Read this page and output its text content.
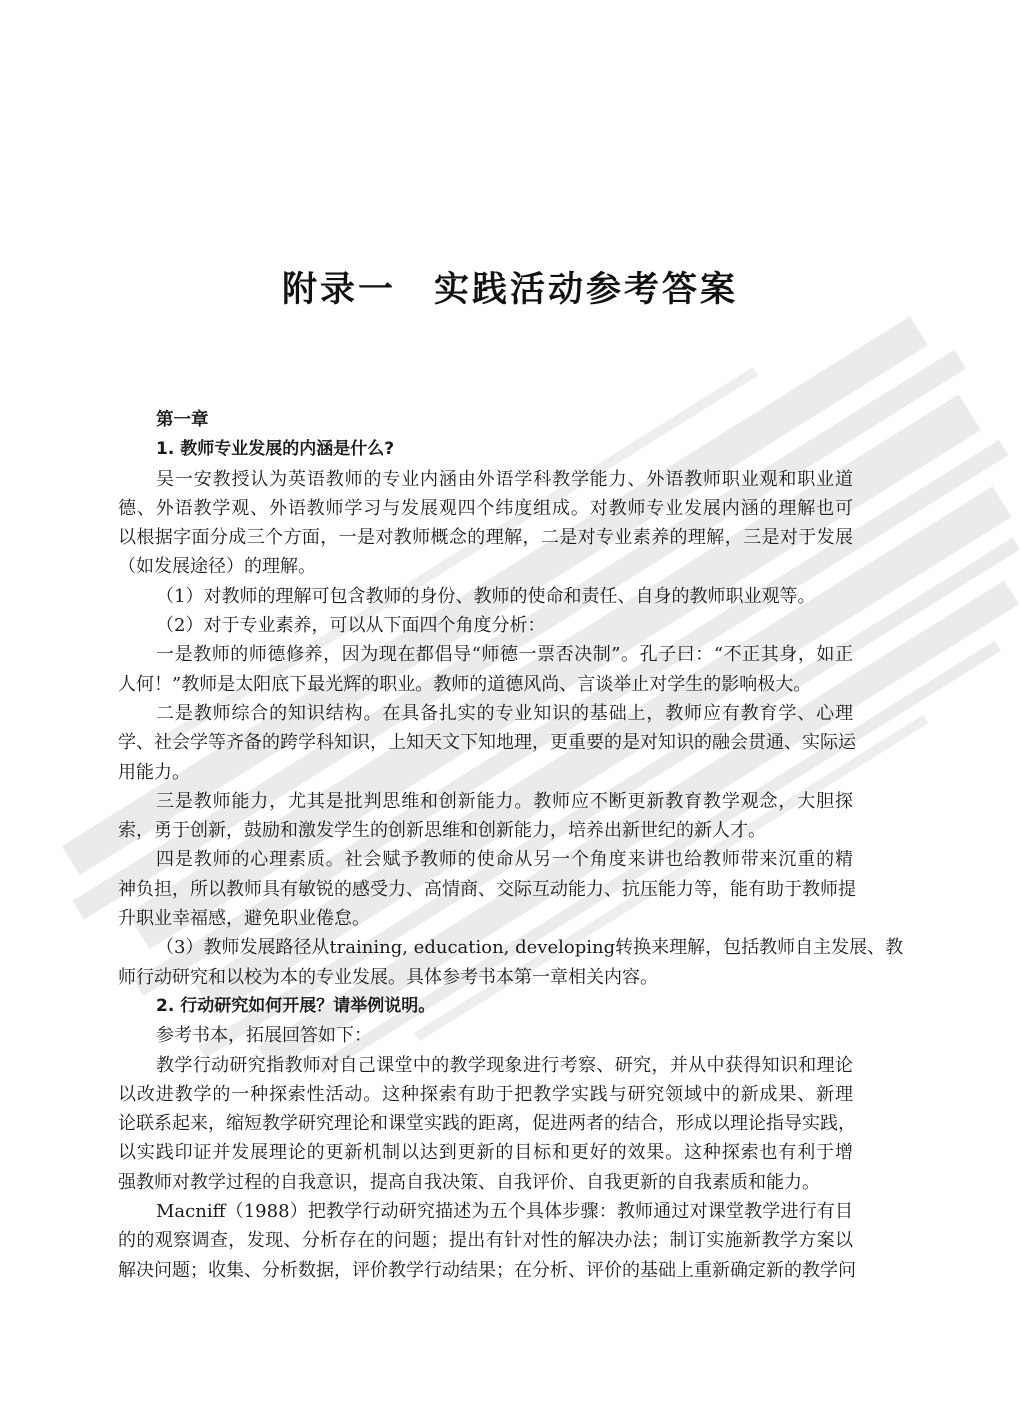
附录一　实践活动参考答案
第一章
1. 教师专业发展的内涵是什么?
吴一安教授认为英语教师的专业内涵由外语学科教学能力、外语教师职业观和职业道
德、外语教学观、外语教师学习与发展观四个纬度组成。对教师专业发展内涵的理解也可
以根据字面分成三个方面，一是对教师概念的理解，二是对专业素养的理解，三是对于发展
（如发展途径）的理解。
（1）对教师的理解可包含教师的身份、教师的使命和责任、自身的教师职业观等。
（2）对于专业素养，可以从下面四个角度分析：
一是教师的师德修养，因为现在都倡导“师德一票否决制”。孔子曰：“不正其身，如正
人何！”教师是太阳底下最光辉的职业。教师的道德风尚、言谈举止对学生的影响极大。
二是教师综合的知识结构。在具备扎实的专业知识的基础上，教师应有教育学、心理
学、社会学等齐备的跨学科知识，上知天文下知地理，更重要的是对知识的融会贯通、实际运
用能力。
三是教师能力，尤其是批判思维和创新能力。教师应不断更新教育教学观念，大胆探
索，勇于创新，鼓励和激发学生的创新思维和创新能力，培养出新世纪的新人才。
四是教师的心理素质。社会赋予教师的使命从另一个角度来讲也给教师带来沉重的精
神负担，所以教师具有敏锐的感受力、高情商、交际互动能力、抗压能力等，能有助于教师提
升职业幸福感，避免职业倦怠。
（3）教师发展路径从training, education, developing转换来理解，包括教师自主发展、教
师行动研究和以校为本的专业发展。具体参考书本第一章相关内容。
2. 行动研究如何开展？请举例说明。
参考书本，拓展回答如下：
教学行动研究指教师对自己课堂中的教学现象进行考察、研究，并从中获得知识和理论
以改进教学的一种探索性活动。这种探索有助于把教学实践与研究领域中的新成果、新理
论联系起来，缩短教学研究理论和课堂实践的距离，促进两者的结合，形成以理论指导实践，
以实践印证并发展理论的更新机制以达到更新的目标和更好的效果。这种探索也有利于增
强教师对教学过程的自我意识，提高自我决策、自我评价、自我更新的自我素质和能力。
Macniff（1988）把教学行动研究描述为五个具体步骤：教师通过对课堂教学进行有目
的的观察调查，发现、分析存在的问题；提出有针对性的解决办法；制订实施新教学方案以
解决问题；收集、分析数据，评价教学行动结果；在分析、评价的基础上重新确定新的教学问
